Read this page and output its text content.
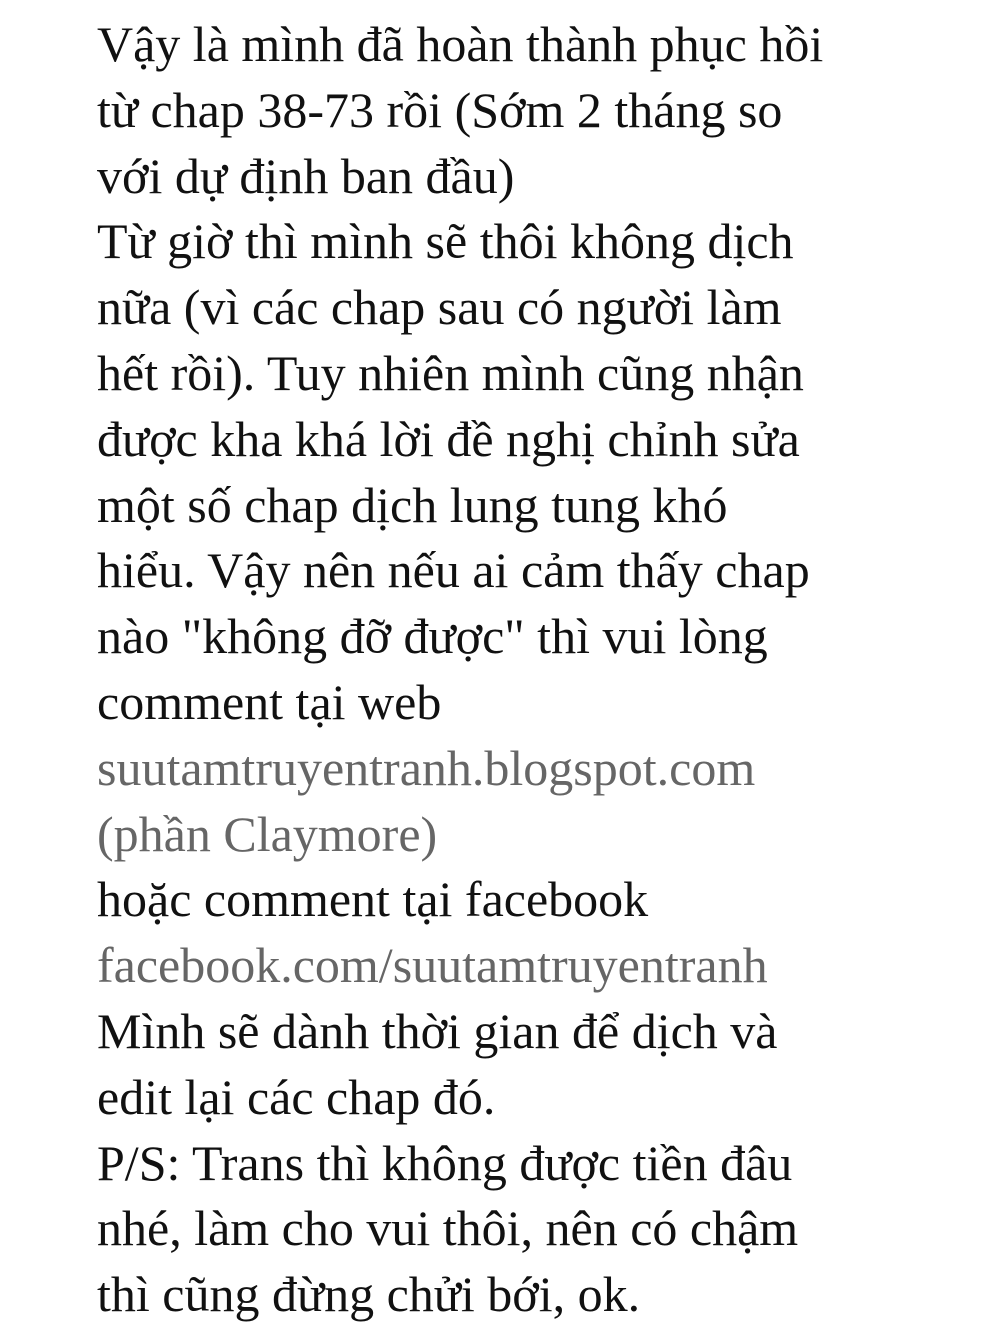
Vậy là mình đã hoàn thành phục hồi
từ chap 38-73 rồi (Sớm 2 tháng so
với dự định ban đầu)
Từ giờ thì mình sẽ thôi không dịch
nữa (vì các chap sau có người làm
hết rồi). Tuy nhiên mình cũng nhận
được kha khá lời đề nghị chỉnh sửa
một số chap dịch lung tung khó
hiểu. Vậy nên nếu ai cảm thấy chap
nào "không đỡ được" thì vui lòng
comment tại web
suutamtruyentranh.blogspot.com
(phần Claymore)
hoặc comment tại facebook
facebook.com/suutamtruyentranh
Mình sẽ dành thời gian để dịch và
edit lại các chap đó.
P/S: Trans thì không được tiền đâu
nhé, làm cho vui thôi, nên có chậm
thì cũng đừng chửi bới, ok.
